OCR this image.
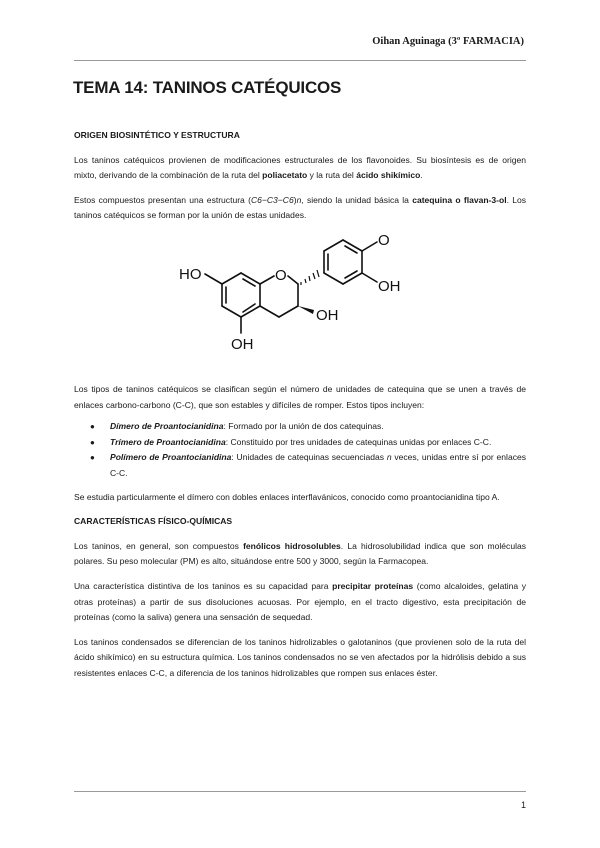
Oihan Aguinaga (3º FARMACIA)
TEMA 14: TANINOS CATÉQUICOS
ORIGEN BIOSINTÉTICO Y ESTRUCTURA

Los taninos catéquicos provienen de modificaciones estructurales de los flavonoides. Su biosíntesis es de origen mixto, derivando de la combinación de la ruta del poliacetato y la ruta del ácido shikímico.

Estos compuestos presentan una estructura (C6−C3−C6)n, siendo la unidad básica la catequina o flavan-3-ol. Los taninos catéquicos se forman por la unión de estas unidades.

HO	O
OH
OH
O
OH

Los tipos de taninos catéquicos se clasifican según el número de unidades de catequina que se unen a través de enlaces carbono-carbono (C-C), que son estables y difíciles de romper. Estos tipos incluyen:

● Dímero de Proantocianidina: Formado por la unión de dos catequinas.
● Trímero de Proantocianidina: Constituido por tres unidades de catequinas unidas por enlaces C-C.
● Polímero de Proantocianidina: Unidades de catequinas secuenciadas n veces, unidas entre sí por enlaces C-C.

Se estudia particularmente el dímero con dobles enlaces interflavánicos, conocido como proantocianidina tipo A.

CARACTERÍSTICAS FÍSICO-QUÍMICAS

Los taninos, en general, son compuestos fenólicos hidrosolubles. La hidrosolubilidad indica que son moléculas polares. Su peso molecular (PM) es alto, situándose entre 500 y 3000, según la Farmacopea.

Una característica distintiva de los taninos es su capacidad para precipitar proteínas (como alcaloides, gelatina y otras proteínas) a partir de sus disoluciones acuosas. Por ejemplo, en el tracto digestivo, esta precipitación de proteínas (como la saliva) genera una sensación de sequedad.

Los taninos condensados se diferencian de los taninos hidrolizables o galotaninos (que provienen solo de la ruta del ácido shikímico) en su estructura química. Los taninos condensados no se ven afectados por la hidrólisis debido a sus resistentes enlaces C-C, a diferencia de los taninos hidrolizables que rompen sus enlaces éster.

1
